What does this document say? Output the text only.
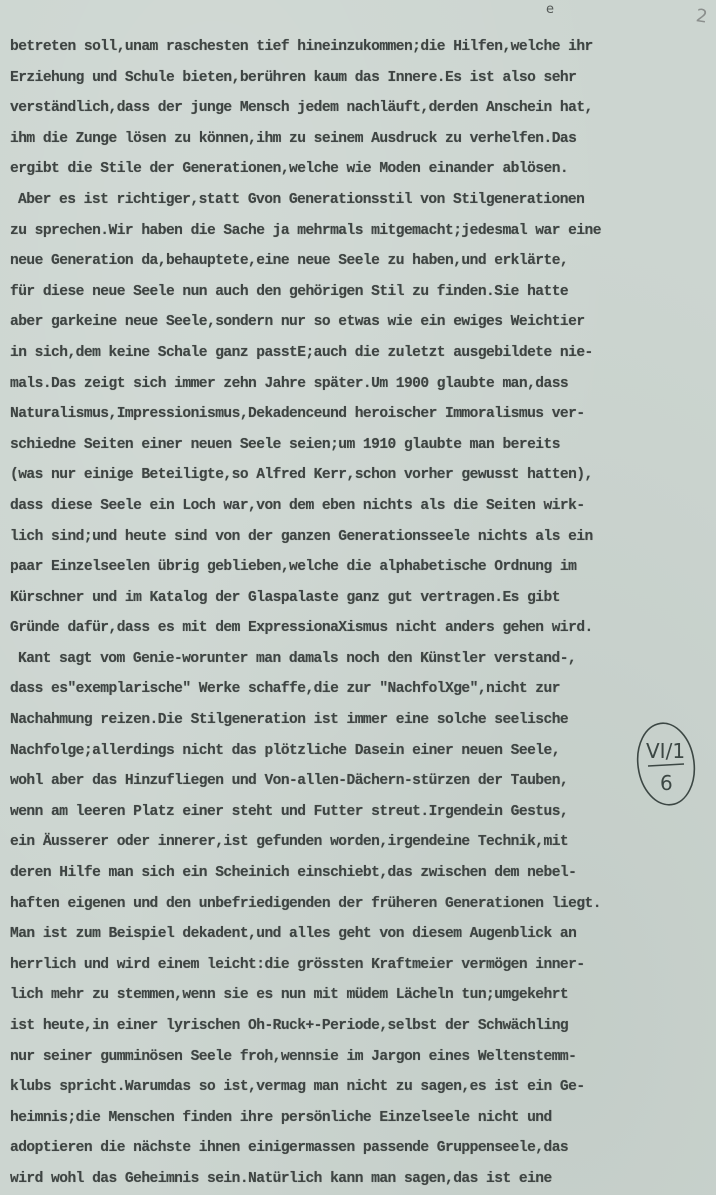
2
e
betreten soll,unam raschesten tief hineinzukommen;die Hilfen,welche ihr
Erziehung und Schule bieten,berühren kaum das Innere.Es ist also sehr
verständlich,dass der junge Mensch jedem nachläuft,derden Anschein hat,
ihm die Zunge lösen zu können,ihm zu seinem Ausdruck zu verhelfen.Das
ergibt die Stile der Generationen,welche wie Moden einander ablösen.
Aber es ist richtiger,statt Gvon Generationsstil von Stilgenerationen
zu sprechen.Wir haben die Sache ja mehrmals mitgemacht;jedesmal war eine
neue Generation da,behauptete,eine neue Seele zu haben,und erklärte,
für diese neue Seele nun auch den gehörigen Stil zu finden.Sie hatte
aber garkeine neue Seele,sondern nur so etwas wie ein ewiges Weichtier
in sich,dem keine Schale ganz passtE;auch die zuletzt ausgebildete nie-
mals.Das zeigt sich immer zehn Jahre später.Um 1900 glaubte man,dass
Naturalismus,Impressionismus,Dekadenceund heroischer Immoralismus ver-
schiedne Seiten einer neuen Seele seien;um 1910 glaubte man bereits
(was nur einige Beteiligte,so Alfred Kerr,schon vorher gewusst hatten),
dass diese Seele ein Loch war,von dem eben nichts als die Seiten wirk-
lich sind;und heute sind von der ganzen Generationsseele nichts als ein
paar Einzelseelen übrig geblieben,welche die alphabetische Ordnung im
Kürschner und im Katalog der Glaspalaste ganz gut vertragen.Es gibt
Gründe dafür,dass es mit dem ExpressionaXismus nicht anders gehen wird.
Kant sagt vom Genie-worunter man damals noch den Künstler verstand-,
dass es"exemplarische" Werke schaffe,die zur "NachfolXge",nicht zur
Nachahmung reizen.Die Stilgeneration ist immer eine solche seelische
Nachfolge;allerdings nicht das plötzliche Dasein einer neuen Seele,
wohl aber das Hinzufliegen und Von-allen-Dächern-stürzen der Tauben,
wenn am leeren Platz einer steht und Futter streut.Irgendein Gestus,
ein Äusserer oder innerer,ist gefunden worden,irgendeine Technik,mit
deren Hilfe man sich ein Scheinich einschiebt,das zwischen dem nebel-
haften eigenen und den unbefriedigenden der früheren Generationen liegt.
Man ist zum Beispiel dekadent,und alles geht von diesem Augenblick an
herrlich und wird einem leicht:die grössten Kraftmeier vermögen inner-
lich mehr zu stemmen,wenn sie es nun mit müdem Lächeln tun;umgekehrt
ist heute,in einer lyrischen Oh-Ruck+-Periode,selbst der Schwächling
nur seiner gumminösen Seele froh,wennsie im Jargon eines Weltenstemm-
klubs spricht.Warumdas so ist,vermag man nicht zu sagen,es ist ein Ge-
heimnis;die Menschen finden ihre persönliche Einzelseele nicht und
adoptieren die nächste ihnen einigermassen passende Gruppenseele,das
wird wohl das Geheimnis sein.Natürlich kann man sagen,das ist eine
VI/1
6
